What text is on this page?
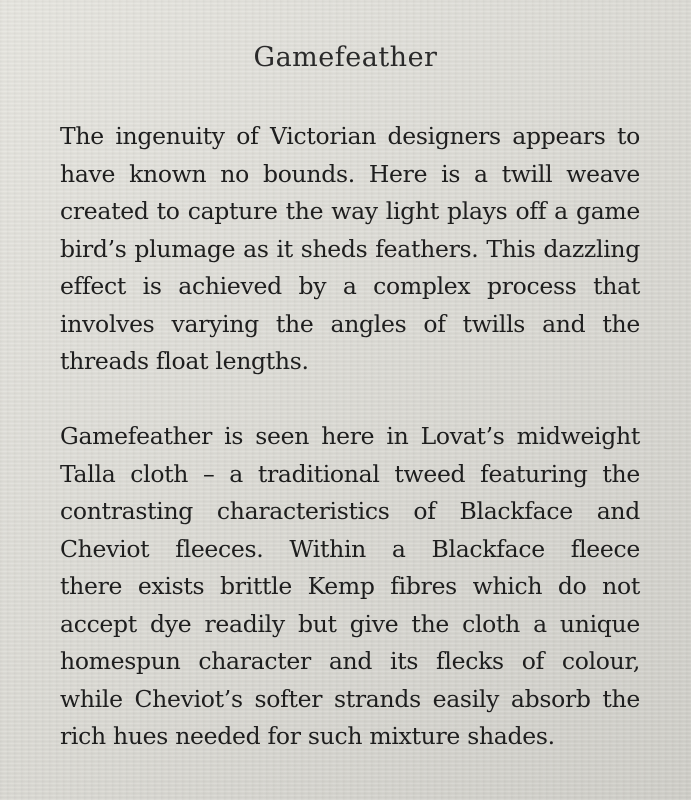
Gamefeather

The ingenuity of Victorian designers appears to
have known no bounds. Here is a twill weave
created to capture the way light plays off a game
bird’s plumage as it sheds feathers. This dazzling
effect is achieved by a complex process that
involves varying the angles of twills and the
threads float lengths.

Gamefeather is seen here in Lovat’s midweight
Talla cloth – a traditional tweed featuring the
contrasting characteristics of Blackface and
Cheviot fleeces. Within a Blackface fleece
there exists brittle Kemp fibres which do not
accept dye readily but give the cloth a unique
homespun character and its flecks of colour,
while Cheviot’s softer strands easily absorb the
rich hues needed for such mixture shades.
